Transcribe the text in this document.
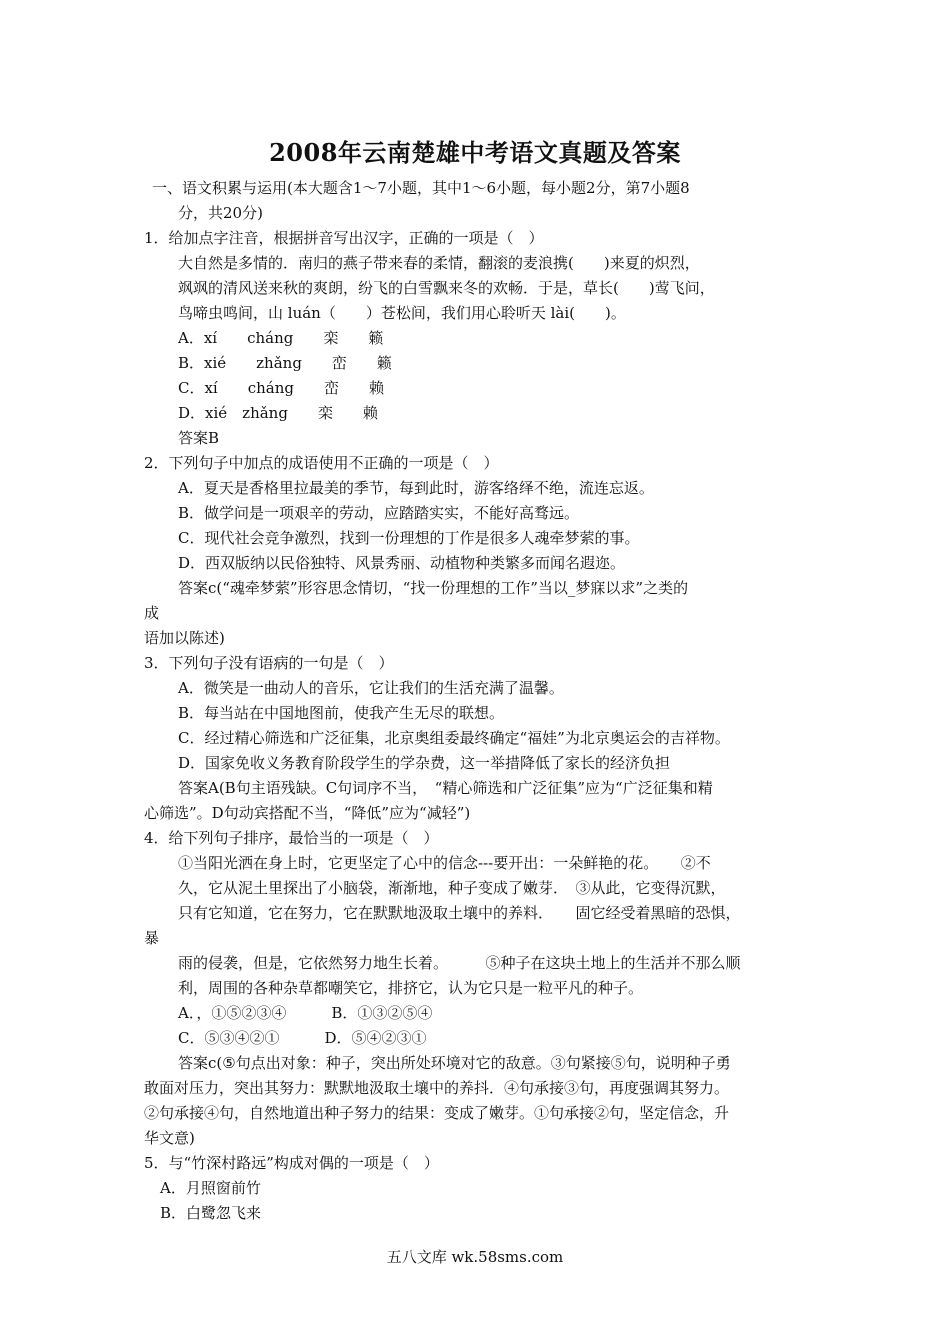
2008年云南楚雄中考语文真题及答案
一、语文积累与运用(本大题含1～7小题，其中1～6小题，每小题2分，第7小题8
分，共20分)
1．给加点字注音，根据拼音写出汉字，正确的一项是（　）
大自然是多情的．南归的燕子带来春的柔情，翻滚的麦浪携(　　)来夏的炽烈，
飒飒的清风送来秋的爽朗，纷飞的白雪飘来冬的欢畅．于是，草长(　　)莺飞问，
鸟啼虫鸣间，山 luán（　　）苍松间，我们用心聆听天 lài(　　)。
A．xí　　cháng　　栾　　籁
B．xié　　zhǎng　　峦　　籁
C．xí　　cháng　　峦　　赖
D．xié　zhǎng　　栾　　赖
答案B
2．下列句子中加点的成语使用不正确的一项是（　）
A．夏天是香格里拉最美的季节，每到此时，游客络绎不绝，流连忘返。
B．做学问是一项艰辛的劳动，应踏踏实实，不能好高骛远。
C．现代社会竞争激烈，找到一份理想的丁作是很多人魂牵梦萦的事。
D．西双版纳以民俗独特、风景秀丽、动植物种类繁多而闻名遐迩。
答案c(“魂牵梦萦”形容思念情切，“找一份理想的工作”当以_梦寐以求”之类的
成
语加以陈述)
3．下列句子没有语病的一句是（　）
A．微笑是一曲动人的音乐，它让我们的生活充满了温馨。
B．每当站在中国地图前，使我产生无尽的联想。
C．经过精心筛选和广泛征集，北京奥组委最终确定“福娃”为北京奥运会的吉祥物。
D．国家免收义务教育阶段学生的学杂费，这一举措降低了家长的经济负担
答案A(B句主语残缺。C句词序不当，　“精心筛选和广泛征集”应为“广泛征集和精
心筛选”。D句动宾搭配不当，“降低”应为“减轻”)
4．给下列句子排序，最恰当的一项是（　）
①当阳光洒在身上时，它更坚定了心中的信念---要开出：一朵鲜艳的花。　　②不
久，它从泥土里探出了小脑袋，渐渐地，种子变成了嫩芽．　③从此，它变得沉默，
只有它知道，它在努力，它在默默地汲取土壤中的养料．　　固它经受着黑暗的恐惧，
暴
雨的侵袭，但是，它依然努力地生长着。　　　⑤种子在这块土地上的生活并不那么顺
利，周围的各种杂草都嘲笑它，排挤它，认为它只是一粒平凡的种子。
A．，①⑤②③④　　　B．①③②⑤④
C．⑤③④②①　　　D．⑤④②③①
答案c(⑤句点出对象：种子，突出所处环境对它的敌意。③句紧接⑤句，说明种子勇
敢面对压力，突出其努力：默默地汲取土壤中的养抖．④句承接③句，再度强调其努力。
②句承接④句，自然地道出种子努力的结果：变成了嫩芽。①句承接②句，坚定信念，升
华文意)
5．与“竹深村路远”构成对偶的一项是（　）
A．月照窗前竹
B．白鹭忽飞来
五八文库 wk.58sms.com
